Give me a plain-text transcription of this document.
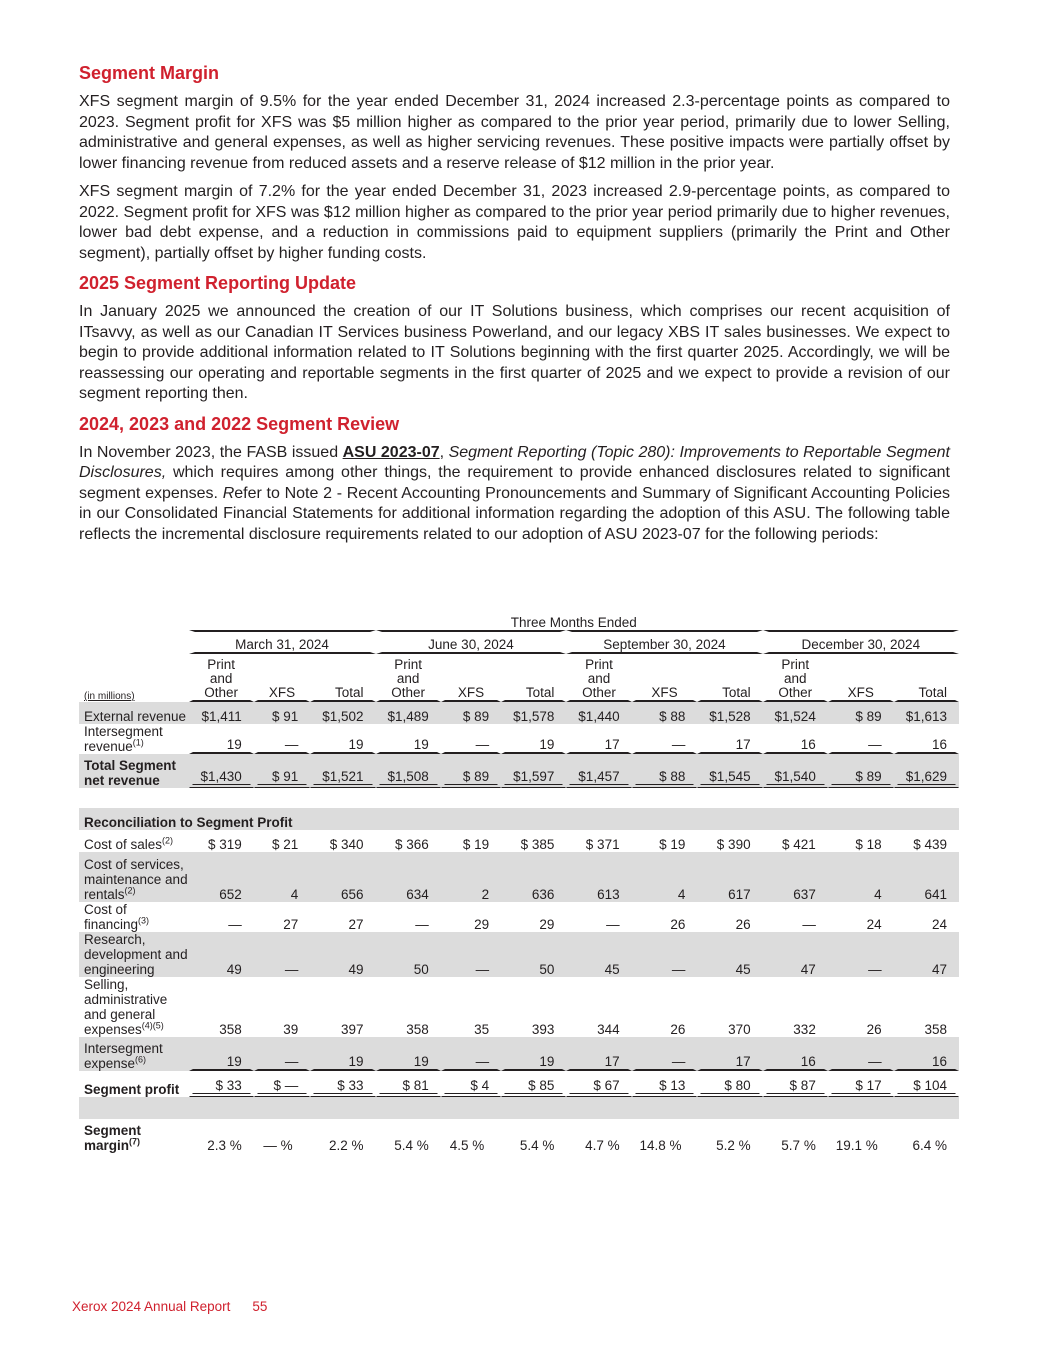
Segment Margin

XFS segment margin of 9.5% for the year ended December 31, 2024 increased 2.3-percentage points as compared to 2023. Segment profit for XFS was $5 million higher as compared to the prior year period, primarily due to lower Selling, administrative and general expenses, as well as higher servicing revenues. These positive impacts were partially offset by lower financing revenue from reduced assets and a reserve release of $12 million in the prior year.

XFS segment margin of 7.2% for the year ended December 31, 2023 increased 2.9-percentage points, as compared to 2022. Segment profit for XFS was $12 million higher as compared to the prior year period primarily due to higher revenues, lower bad debt expense, and a reduction in commissions paid to equipment suppliers (primarily the Print and Other segment), partially offset by higher funding costs.

2025 Segment Reporting Update

In January 2025 we announced the creation of our IT Solutions business, which comprises our recent acquisition of ITsavvy, as well as our Canadian IT Services business Powerland, and our legacy XBS IT sales businesses. We expect to begin to provide additional information related to IT Solutions beginning with the first quarter 2025. Accordingly, we will be reassessing our operating and reportable segments in the first quarter of 2025 and we expect to provide a revision of our segment reporting then.

2024, 2023 and 2022 Segment Review

In November 2023, the FASB issued ASU 2023-07, Segment Reporting (Topic 280): Improvements to Reportable Segment Disclosures, which requires among other things, the requirement to provide enhanced disclosures related to significant segment expenses. Refer to Note 2 - Recent Accounting Pronouncements and Summary of Significant Accounting Policies in our Consolidated Financial Statements for additional information regarding the adoption of this ASU. The following table reflects the incremental disclosure requirements related to our adoption of ASU 2023-07 for the following periods:

	Three Months Ended											
	March 31, 2024			June 30, 2024			September 30, 2024			December 30, 2024		
(in millions)	
Print
and
Other	XFS	Total	
Print
and
Other	XFS	Total	
Print
and
Other	XFS	Total	
Print
and
Other	XFS	Total
External revenue	$1,411	$ 91	$1,502	$1,489	$ 89	$1,578	$1,440	$ 88	$1,528	$1,524	$ 89	$1,613
Intersegment revenue$^{(1)}$	19	—	19	19	—	19	17	—	17	16	—	16
Total Segment net revenue	$1,430	$ 91	$1,521	$1,508	$ 89	$1,597	$1,457	$ 88	$1,545	$1,540	$ 89	$1,629

Reconciliation to Segment Profit												
Cost of sales$^{(2)}$	$ 319	$ 21	$ 340	$ 366	$ 19	$ 385	$ 371	$ 19	$ 390	$ 421	$ 18	$ 439
Cost of services, maintenance and rentals$^{(2)}$	652	4	656	634	2	636	613	4	617	637	4	641
Cost of financing$^{(3)}$	—	27	27	—	29	29	—	26	26	—	24	24
Research, development and engineering	49	—	49	50	—	50	45	—	45	47	—	47
Selling, administrative and general expenses$^{(4)(5)}$	358	39	397	358	35	393	344	26	370	332	26	358
Intersegment expense$^{(6)}$	19	—	19	19	—	19	17	—	17	16	—	16
Segment profit	$ 33	$ —	$ 33	$ 81	$ 4	$ 85	$ 67	$ 13	$ 80	$ 87	$ 17	$ 104

Segment margin$^{(7)}$	2.3 %	— %	2.2 %	5.4 %	4.5 %	5.4 %	4.7 %	14.8 %	5.2 %	5.7 %	19.1 %	6.4 %
Xerox 2024 Annual Report 55
